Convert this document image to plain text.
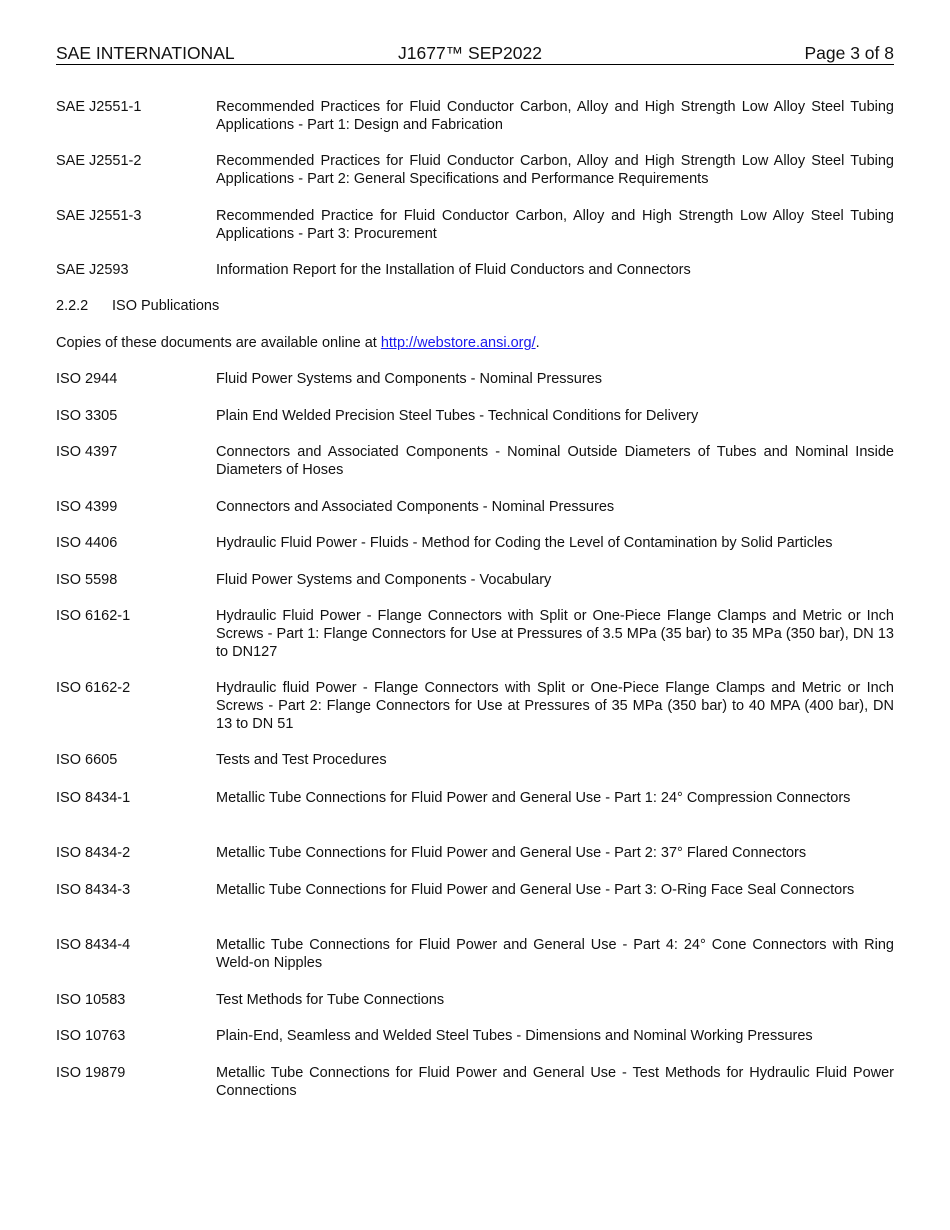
SAE INTERNATIONAL	J1677™ SEP2022	Page 3 of 8
SAE J2551-1	Recommended Practices for Fluid Conductor Carbon, Alloy and High Strength Low Alloy Steel Tubing Applications - Part 1: Design and Fabrication
SAE J2551-2	Recommended Practices for Fluid Conductor Carbon, Alloy and High Strength Low Alloy Steel Tubing Applications - Part 2: General Specifications and Performance Requirements
SAE J2551-3	Recommended Practice for Fluid Conductor Carbon, Alloy and High Strength Low Alloy Steel Tubing Applications - Part 3: Procurement
SAE J2593	Information Report for the Installation of Fluid Conductors and Connectors
2.2.2 ISO Publications
Copies of these documents are available online at http://webstore.ansi.org/.
ISO 2944	Fluid Power Systems and Components - Nominal Pressures
ISO 3305	Plain End Welded Precision Steel Tubes - Technical Conditions for Delivery
ISO 4397	Connectors and Associated Components - Nominal Outside Diameters of Tubes and Nominal Inside Diameters of Hoses
ISO 4399	Connectors and Associated Components - Nominal Pressures
ISO 4406	Hydraulic Fluid Power - Fluids - Method for Coding the Level of Contamination by Solid Particles
ISO 5598	Fluid Power Systems and Components - Vocabulary
ISO 6162-1	Hydraulic Fluid Power - Flange Connectors with Split or One-Piece Flange Clamps and Metric or Inch Screws - Part 1: Flange Connectors for Use at Pressures of 3.5 MPa (35 bar) to 35 MPa (350 bar), DN 13 to DN127
ISO 6162-2	Hydraulic fluid Power - Flange Connectors with Split or One-Piece Flange Clamps and Metric or Inch Screws - Part 2: Flange Connectors for Use at Pressures of 35 MPa (350 bar) to 40 MPA (400 bar), DN 13 to DN 51
ISO 6605	Tests and Test Procedures
ISO 8434-1	Metallic Tube Connections for Fluid Power and General Use - Part 1: 24° Compression Connectors
ISO 8434-2	Metallic Tube Connections for Fluid Power and General Use - Part 2: 37° Flared Connectors
ISO 8434-3	Metallic Tube Connections for Fluid Power and General Use - Part 3: O-Ring Face Seal Connectors
ISO 8434-4	Metallic Tube Connections for Fluid Power and General Use - Part 4: 24° Cone Connectors with Ring Weld-on Nipples
ISO 10583	Test Methods for Tube Connections
ISO 10763	Plain-End, Seamless and Welded Steel Tubes - Dimensions and Nominal Working Pressures
ISO 19879	Metallic Tube Connections for Fluid Power and General Use - Test Methods for Hydraulic Fluid Power Connections
